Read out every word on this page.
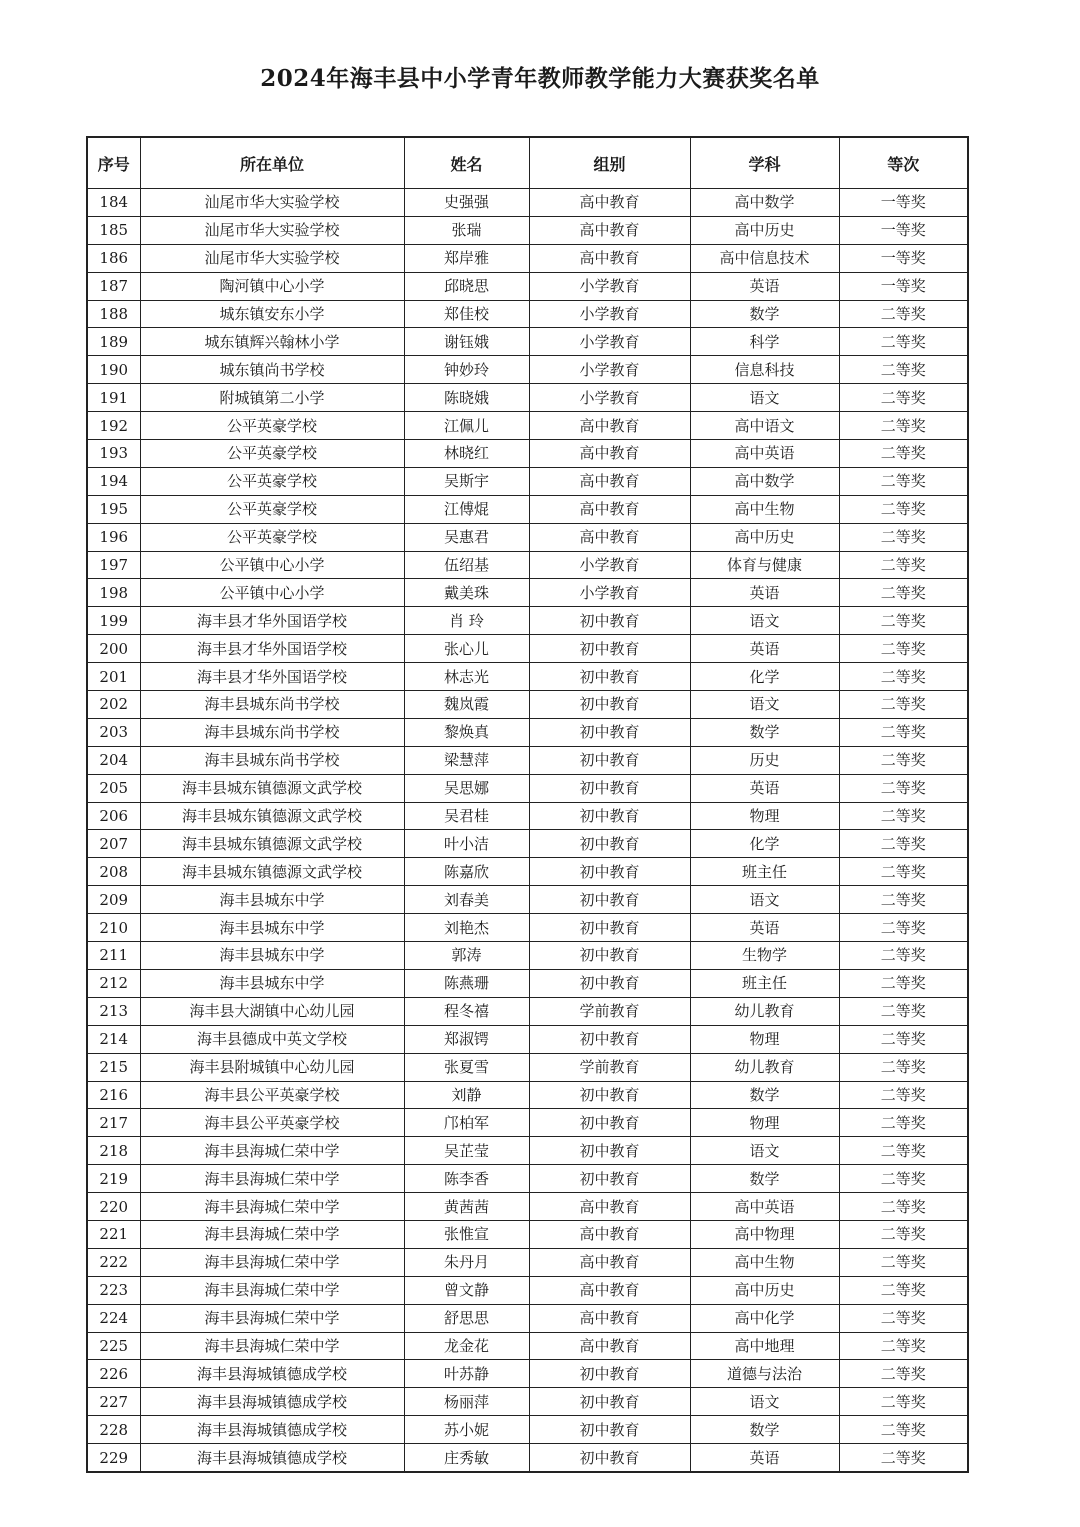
2024年海丰县中小学青年教师教学能力大赛获奖名单
序号	所在单位	姓名	组别	学科	等次
184	汕尾市华大实验学校	史强强	高中教育	高中数学	一等奖
185	汕尾市华大实验学校	张瑞	高中教育	高中历史	一等奖
186	汕尾市华大实验学校	郑岸雅	高中教育	高中信息技术	一等奖
187	陶河镇中心小学	邱晓思	小学教育	英语	一等奖
188	城东镇安东小学	郑佳校	小学教育	数学	二等奖
189	城东镇辉兴翰林小学	谢钰娥	小学教育	科学	二等奖
190	城东镇尚书学校	钟妙玲	小学教育	信息科技	二等奖
191	附城镇第二小学	陈晓娥	小学教育	语文	二等奖
192	公平英豪学校	江佩儿	高中教育	高中语文	二等奖
193	公平英豪学校	林晓红	高中教育	高中英语	二等奖
194	公平英豪学校	吴斯宇	高中教育	高中数学	二等奖
195	公平英豪学校	江傅焜	高中教育	高中生物	二等奖
196	公平英豪学校	吴惠君	高中教育	高中历史	二等奖
197	公平镇中心小学	伍绍基	小学教育	体育与健康	二等奖
198	公平镇中心小学	戴美珠	小学教育	英语	二等奖
199	海丰县才华外国语学校	肖 玲	初中教育	语文	二等奖
200	海丰县才华外国语学校	张心儿	初中教育	英语	二等奖
201	海丰县才华外国语学校	林志光	初中教育	化学	二等奖
202	海丰县城东尚书学校	魏岚霞	初中教育	语文	二等奖
203	海丰县城东尚书学校	黎焕真	初中教育	数学	二等奖
204	海丰县城东尚书学校	梁慧萍	初中教育	历史	二等奖
205	海丰县城东镇德源文武学校	吴思娜	初中教育	英语	二等奖
206	海丰县城东镇德源文武学校	吴君桂	初中教育	物理	二等奖
207	海丰县城东镇德源文武学校	叶小洁	初中教育	化学	二等奖
208	海丰县城东镇德源文武学校	陈嘉欣	初中教育	班主任	二等奖
209	海丰县城东中学	刘春美	初中教育	语文	二等奖
210	海丰县城东中学	刘艳杰	初中教育	英语	二等奖
211	海丰县城东中学	郭涛	初中教育	生物学	二等奖
212	海丰县城东中学	陈燕珊	初中教育	班主任	二等奖
213	海丰县大湖镇中心幼儿园	程冬禧	学前教育	幼儿教育	二等奖
214	海丰县德成中英文学校	郑淑锷	初中教育	物理	二等奖
215	海丰县附城镇中心幼儿园	张夏雪	学前教育	幼儿教育	二等奖
216	海丰县公平英豪学校	刘静	初中教育	数学	二等奖
217	海丰县公平英豪学校	邝柏军	初中教育	物理	二等奖
218	海丰县海城仁荣中学	吴芷莹	初中教育	语文	二等奖
219	海丰县海城仁荣中学	陈李香	初中教育	数学	二等奖
220	海丰县海城仁荣中学	黄茜茜	高中教育	高中英语	二等奖
221	海丰县海城仁荣中学	张惟宣	高中教育	高中物理	二等奖
222	海丰县海城仁荣中学	朱丹月	高中教育	高中生物	二等奖
223	海丰县海城仁荣中学	曾文静	高中教育	高中历史	二等奖
224	海丰县海城仁荣中学	舒思思	高中教育	高中化学	二等奖
225	海丰县海城仁荣中学	龙金花	高中教育	高中地理	二等奖
226	海丰县海城镇德成学校	叶苏静	初中教育	道德与法治	二等奖
227	海丰县海城镇德成学校	杨丽萍	初中教育	语文	二等奖
228	海丰县海城镇德成学校	苏小妮	初中教育	数学	二等奖
229	海丰县海城镇德成学校	庄秀敏	初中教育	英语	二等奖
